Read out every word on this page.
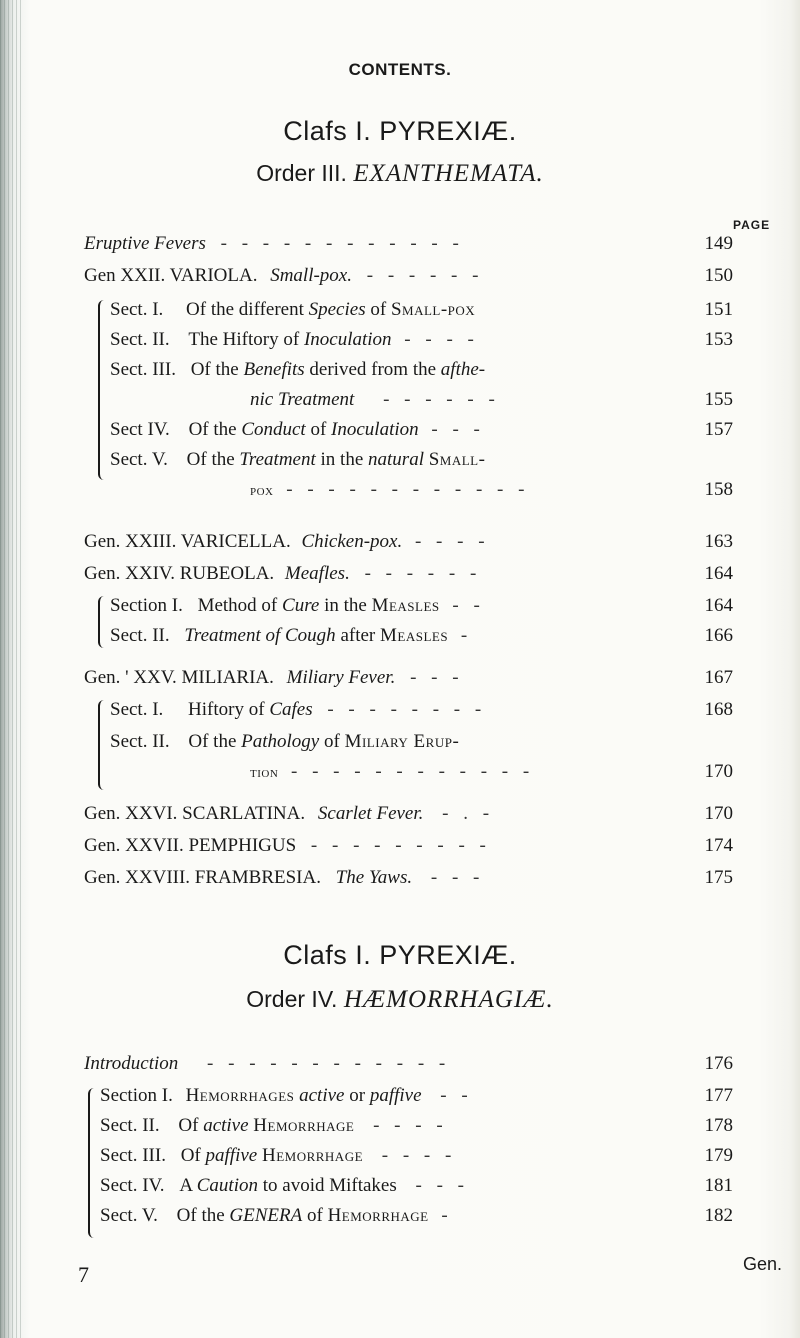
CONTENTS.
Clafs I. PYREXIÆ.
Order III. EXANTHEMATA.
PAGE
Eruptive Fevers - - - - - - - - - - - -	149
Gen XXII. VARIOLA. Small-pox. - - - - - -	150
Sect. I. Of the different Species of Small-pox	151
Sect. II. The Hiftory of Inoculation - - - -	153
Sect. III. Of the Benefits derived from the afthe-
nic Treatment - - - - - -	155
Sect IV. Of the Conduct of Inoculation - - -	157
Sect. V. Of the Treatment in the natural Small-
pox - - - - - - - - - - - -	158
Gen. XXIII. VARICELLA. Chicken-pox. - - - -	163
Gen. XXIV. RUBEOLA. Meafles. - - - - - -	164
Section I. Method of Cure in the Measles - -	164
Sect. II. Treatment of Cough after Measles -	166
Gen. ' XXV. MILIARIA. Miliary Fever. - - -	167
Sect. I. Hiftory of Cafes - - - - - - - -	168
Sect. II. Of the Pathology of Miliary Erup-
tion - - - - - - - - - - - -	170
Gen. XXVI. SCARLATINA. Scarlet Fever. - . -	170
Gen. XXVII. PEMPHIGUS - - - - - - - - -	174
Gen. XXVIII. FRAMBRESIA. The Yaws. - - -	175
Clafs I. PYREXIÆ.
Order IV. HÆMORRHAGIÆ.
Introduction - - - - - - - - - - - -	176
Section I. Hemorrhages active or paffive - -	177
Sect. II. Of active Hemorrhage - - - -	178
Sect. III. Of paffive Hemorrhage - - - -	179
Sect. IV. A Caution to avoid Miftakes - - -	181
Sect. V. Of the GENERA of Hemorrhage -	182
7	Gen.
